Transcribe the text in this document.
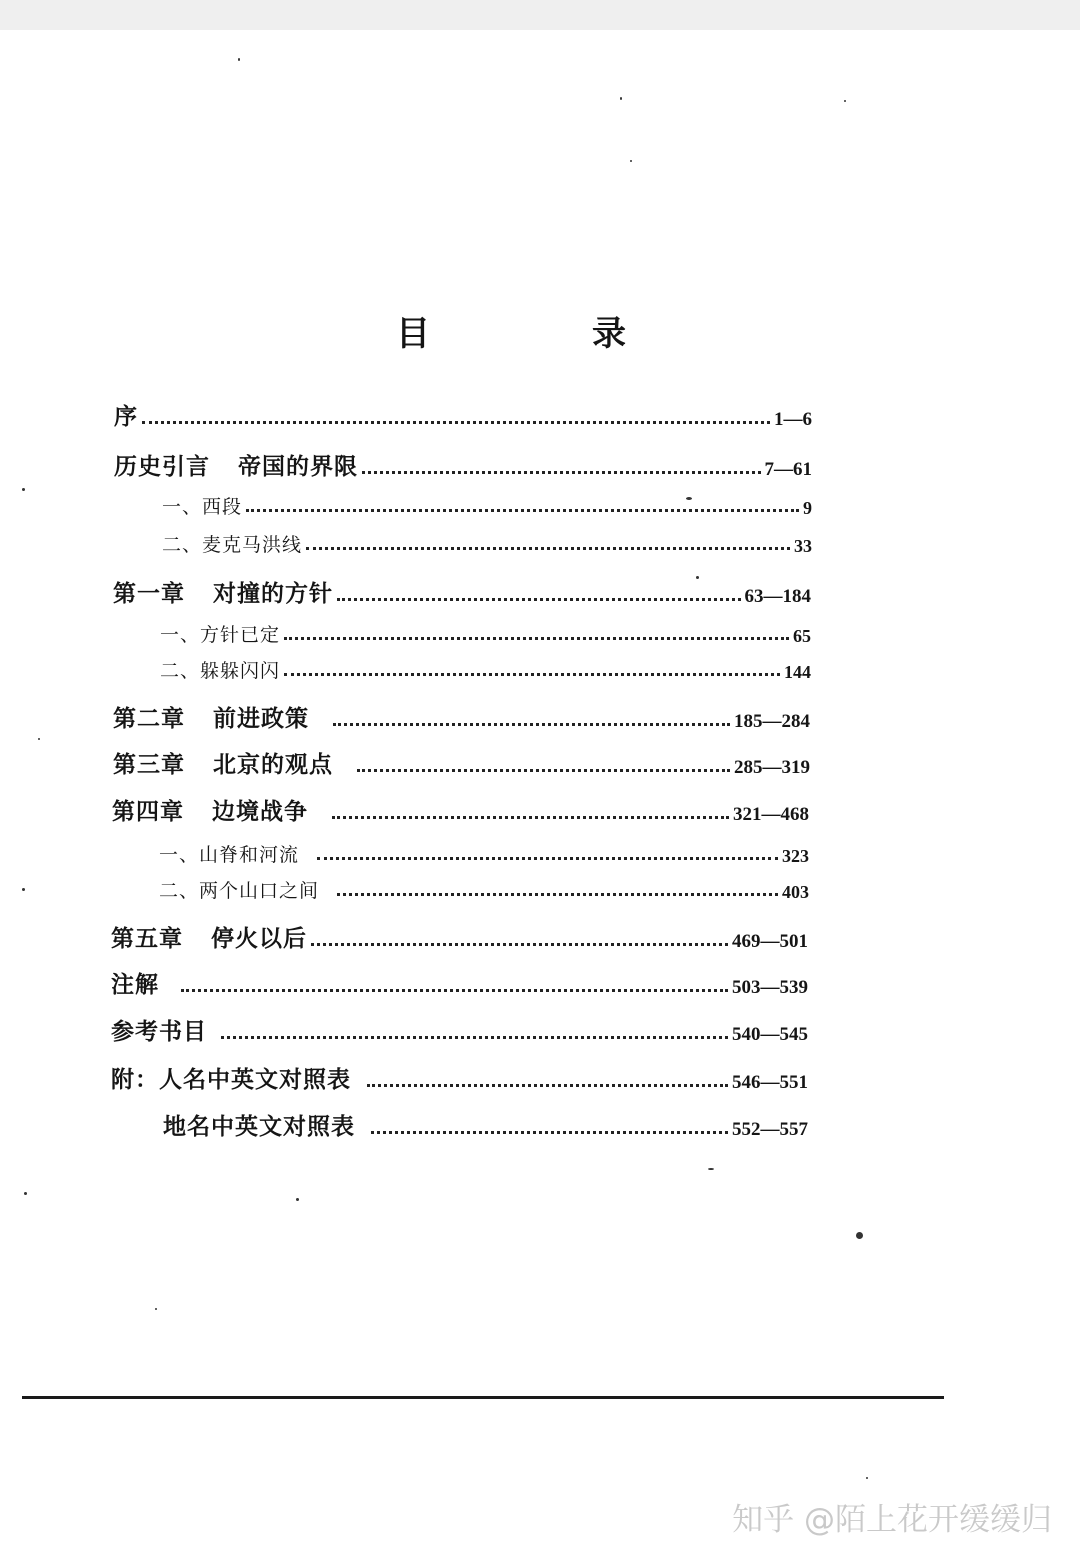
目　录
序	1—6
历史引言 帝国的界限	7—61
一、西段	9
二、麦克马洪线	33
第一章 对撞的方针	63—184
一、方针已定	65
二、躲躲闪闪	144
第二章 前进政策	185—284
第三章 北京的观点	285—319
第四章 边境战争	321—468
一、山脊和河流	323
二、两个山口之间	403
第五章 停火以后	469—501
注解	503—539
参考书目	540—545
附：人名中英文对照表	546—551
地名中英文对照表	552—557
知乎 @陌上花开缓缓归
